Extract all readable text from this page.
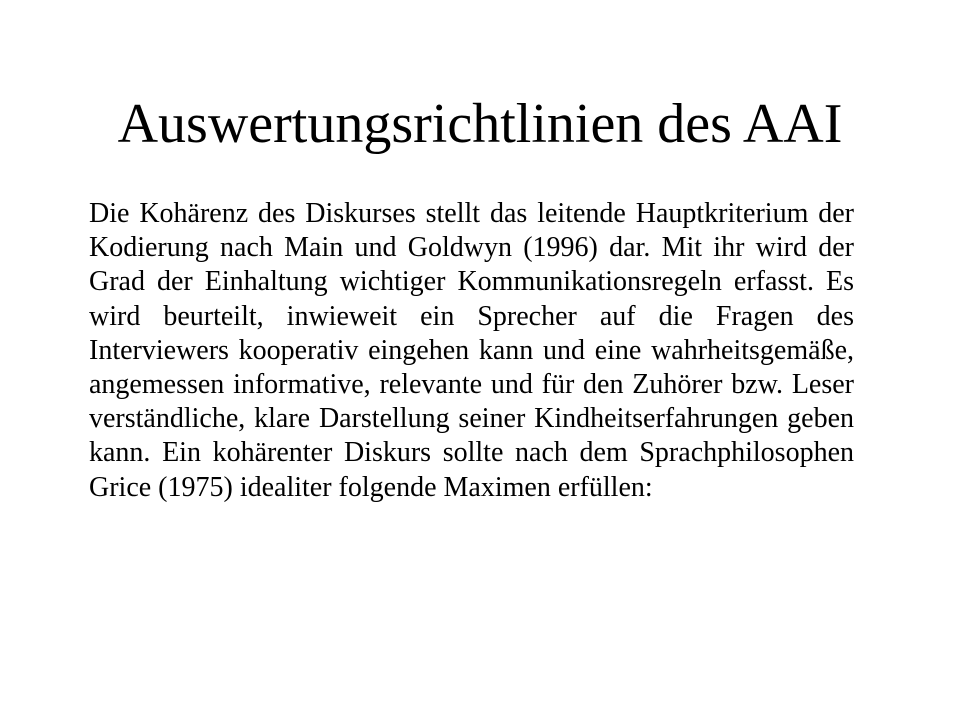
Auswertungsrichtlinien des AAI

Die Kohärenz des Diskurses stellt das leitende Hauptkriterium der Kodierung nach Main und Goldwyn (1996) dar. Mit ihr wird der Grad der Einhaltung wichtiger Kommunikationsregeln erfasst. Es wird beurteilt, inwieweit ein Sprecher auf die Fragen des Interviewers kooperativ eingehen kann und eine wahrheitsgemäße, angemessen informative, relevante und für den Zuhörer bzw. Leser verständliche, klare Darstellung seiner Kindheitserfahrungen geben kann. Ein kohärenter Diskurs sollte nach dem Sprachphilosophen Grice (1975) idealiter folgende Maximen erfüllen:
